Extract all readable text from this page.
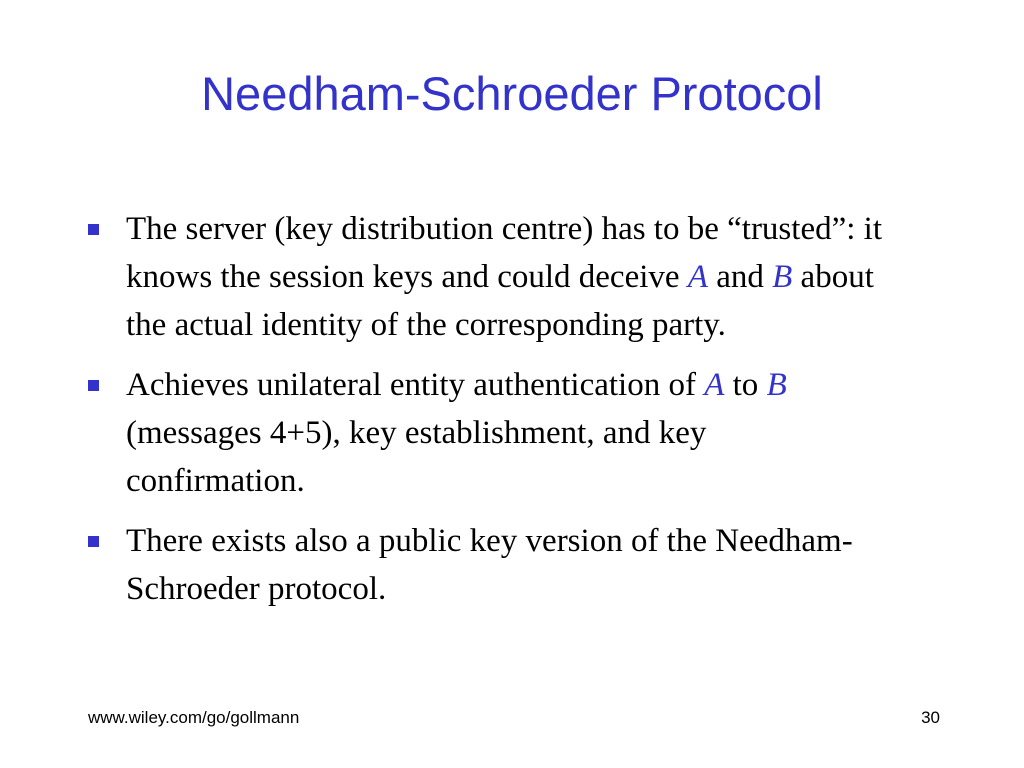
Needham-Schroeder Protocol
The server (key distribution centre) has to be “trusted”: it knows the session keys and could deceive A and B about the actual identity of the corresponding party.
Achieves unilateral entity authentication of A to B (messages 4+5), key establishment, and key confirmation.
There exists also a public key version of the Needham-Schroeder protocol.
www.wiley.com/go/gollmann	30
